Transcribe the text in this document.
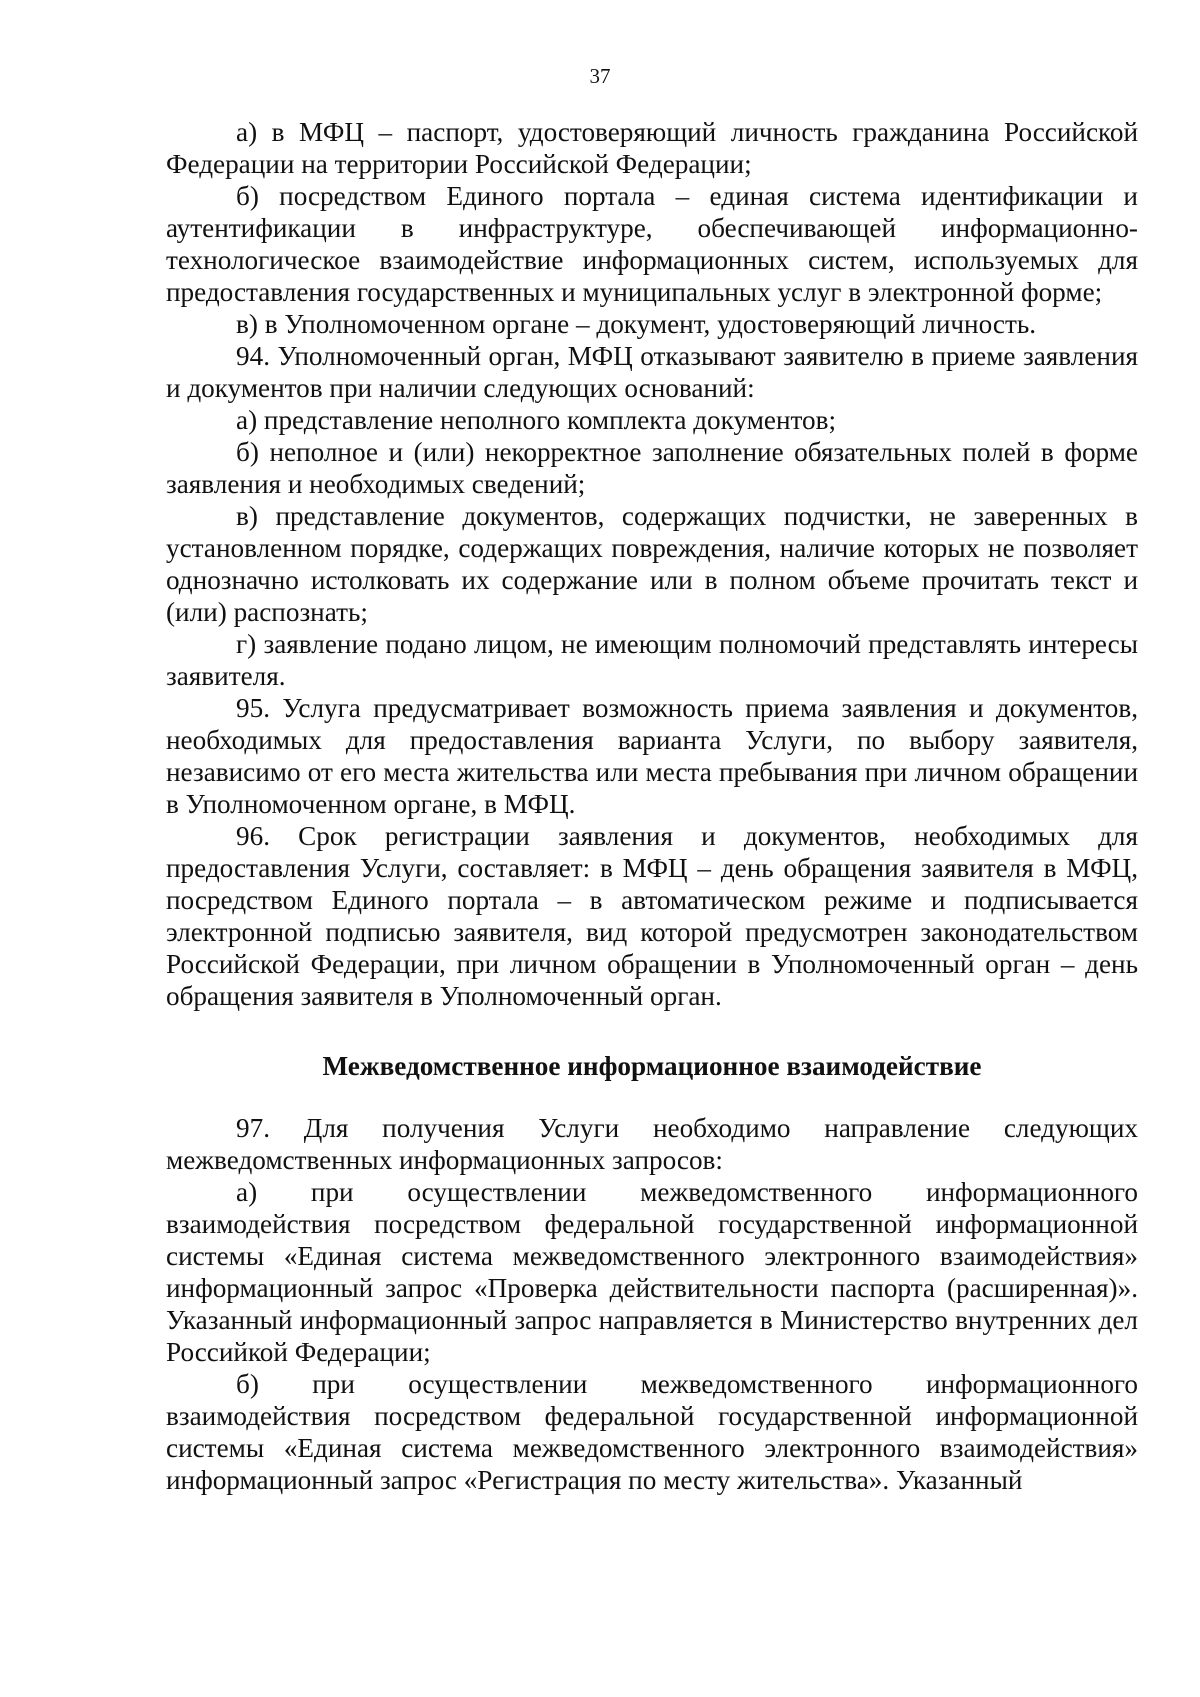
37

а) в МФЦ – паспорт, удостоверяющий личность гражданина Российской Федерации на территории Российской Федерации;

б) посредством Единого портала – единая система идентификации и аутентификации в инфраструктуре, обеспечивающей информационно-технологическое взаимодействие информационных систем, используемых для предоставления государственных и муниципальных услуг в электронной форме;

в) в Уполномоченном органе – документ, удостоверяющий личность.

94. Уполномоченный орган, МФЦ отказывают заявителю в приеме заявления и документов при наличии следующих оснований:

а) представление неполного комплекта документов;

б) неполное и (или) некорректное заполнение обязательных полей в форме заявления и необходимых сведений;

в) представление документов, содержащих подчистки, не заверенных в установленном порядке, содержащих повреждения, наличие которых не позволяет однозначно истолковать их содержание или в полном объеме прочитать текст и (или) распознать;

г) заявление подано лицом, не имеющим полномочий представлять интересы заявителя.

95. Услуга предусматривает возможность приема заявления и документов, необходимых для предоставления варианта Услуги, по выбору заявителя, независимо от его места жительства или места пребывания при личном обращении в Уполномоченном органе, в МФЦ.

96. Срок регистрации заявления и документов, необходимых для предоставления Услуги, составляет: в МФЦ – день обращения заявителя в МФЦ, посредством Единого портала – в автоматическом режиме и подписывается электронной подписью заявителя, вид которой предусмотрен законодательством Российской Федерации, при личном обращении в Уполномоченный орган – день обращения заявителя в Уполномоченный орган.

Межведомственное информационное взаимодействие

97. Для получения Услуги необходимо направление следующих межведомственных информационных запросов:

а) при осуществлении межведомственного информационного взаимодействия посредством федеральной государственной информационной системы «Единая система межведомственного электронного взаимодействия» информационный запрос «Проверка действительности паспорта (расширенная)». Указанный информационный запрос направляется в Министерство внутренних дел Российкой Федерации;

б) при осуществлении межведомственного информационного взаимодействия посредством федеральной государственной информационной системы «Единая система межведомственного электронного взаимодействия» информационный запрос «Регистрация по месту жительства». Указанный
